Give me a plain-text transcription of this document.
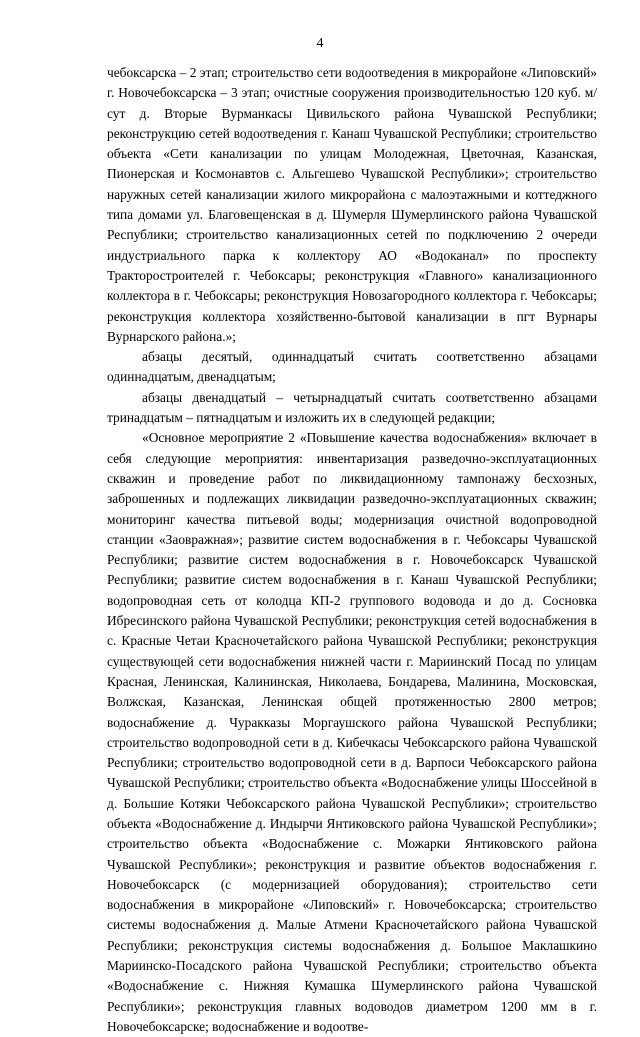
4

чебоксарска – 2 этап; строительство сети водоотведения в микрорайоне «Липовский» г. Новочебоксарска – 3 этап; очистные сооружения производительностью 120 куб. м/сут д. Вторые Вурманкасы Цивильского района Чувашской Республики; реконструкцию сетей водоотведения г. Канаш Чувашской Республики; строительство объекта «Сети канализации по улицам Молодежная, Цветочная, Казанская, Пионерская и Космонавтов с. Альгешево Чувашской Республики»; строительство наружных сетей канализации жилого микрорайона с малоэтажными и коттеджного типа домами ул. Благовещенская в д. Шумерля Шумерлинского района Чувашской Республики; строительство канализационных сетей по подключению 2 очереди индустриального парка к коллектору АО «Водоканал» по проспекту Тракторостроителей г. Чебоксары; реконструкция «Главного» канализационного коллектора в г. Чебоксары; реконструкция Новозагородного коллектора г. Чебоксары; реконструкция коллектора хозяйственно-бытовой канализации в пгт Вурнары Вурнарского района.»;

абзацы десятый, одиннадцатый считать соответственно абзацами одиннадцатым, двенадцатым;

абзацы двенадцатый – четырнадцатый считать соответственно абзацами тринадцатым – пятнадцатым и изложить их в следующей редакции;

«Основное мероприятие 2 «Повышение качества водоснабжения» включает в себя следующие мероприятия: инвентаризация разведочно-эксплуатационных скважин и проведение работ по ликвидационному тампонажу бесхозных, заброшенных и подлежащих ликвидации разведочно-эксплуатационных скважин; мониторинг качества питьевой воды; модернизация очистной водопроводной станции «Заовражная»; развитие систем водоснабжения в г. Чебоксары Чувашской Республики; развитие систем водоснабжения в г. Новочебоксарск Чувашской Республики; развитие систем водоснабжения в г. Канаш Чувашской Республики; водопроводная сеть от колодца КП-2 группового водовода и до д. Сосновка Ибресинского района Чувашской Республики; реконструкция сетей водоснабжения в с. Красные Четаи Красночетайского района Чувашской Республики; реконструкция существующей сети водоснабжения нижней части г. Мариинский Посад по улицам Красная, Ленинская, Калининская, Николаева, Бондарева, Малинина, Московская, Волжская, Казанская, Ленинская общей протяженностью 2800 метров; водоснабжение д. Чуракказы Моргаушского района Чувашской Республики; строительство водопроводной сети в д. Кибечкасы Чебоксарского района Чувашской Республики; строительство водопроводной сети в д. Варпоси Чебоксарского района Чувашской Республики; строительство объекта «Водоснабжение улицы Шоссейной в д. Большие Котяки Чебоксарского района Чувашской Республики»; строительство объекта «Водоснабжение д. Индырчи Янтиковского района Чувашской Республики»; строительство объекта «Водоснабжение с. Можарки Янтиковского района Чувашской Республики»; реконструкция и развитие объектов водоснабжения г. Новочебоксарск (с модернизацией оборудования); строительство сети водоснабжения в микрорайоне «Липовский» г. Новочебоксарска; строительство системы водоснабжения д. Малые Атмени Красночетайского района Чувашской Республики; реконструкция системы водоснабжения д. Большое Маклашкино Мариинско-Посадского района Чувашской Республики; строительство объекта «Водоснабжение с. Нижняя Кумашка Шумерлинского района Чувашской Республики»; реконструкция главных водоводов диаметром 1200 мм в г. Новочебоксарске; водоснабжение и водоотве-
